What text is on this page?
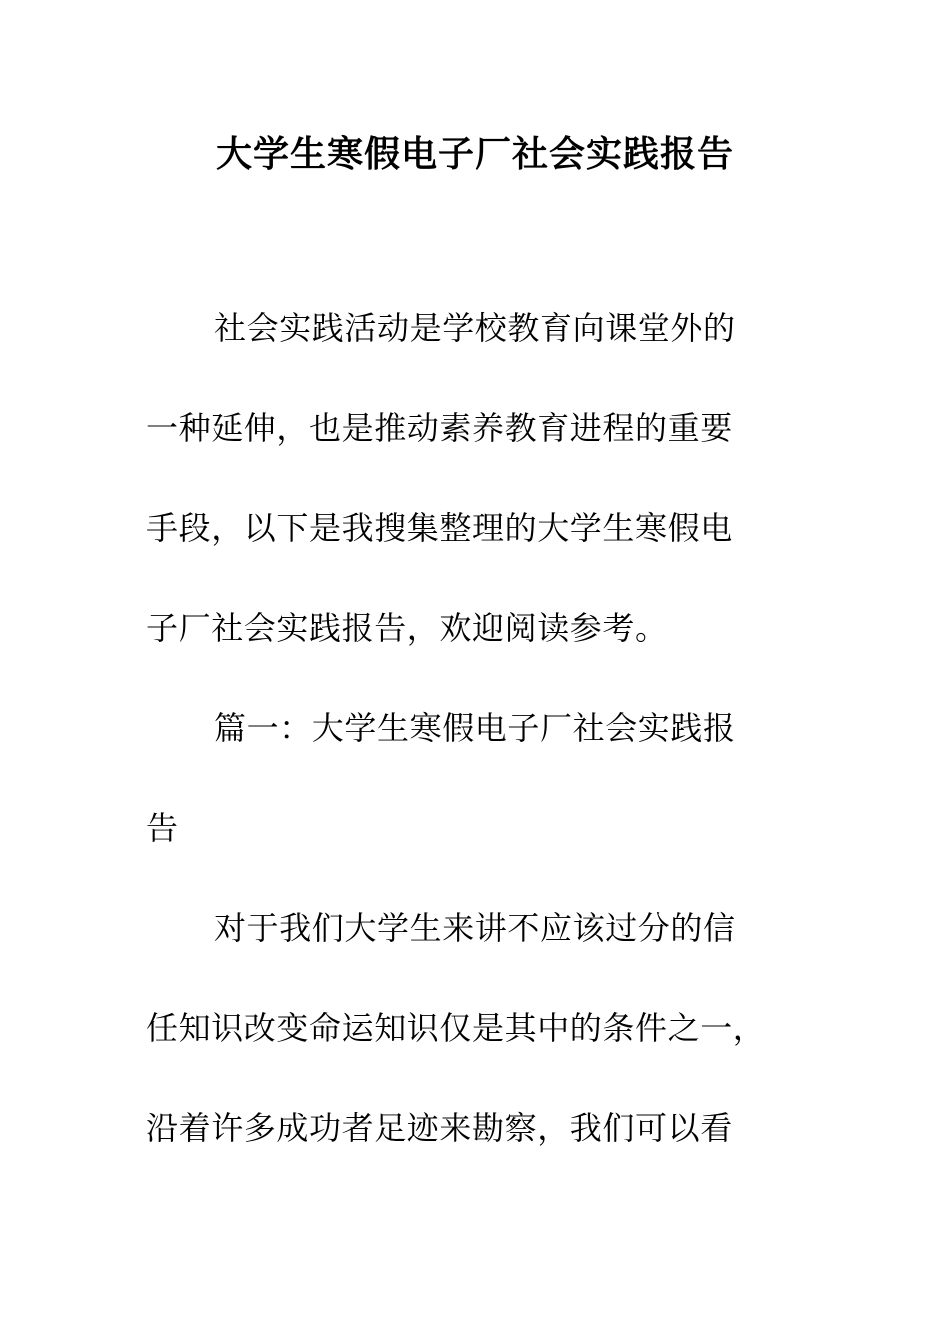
大学生寒假电子厂社会实践报告
社会实践活动是学校教育向课堂外的
一种延伸，也是推动素养教育进程的重要
手段，以下是我搜集整理的大学生寒假电
子厂社会实践报告，欢迎阅读参考。
篇一：大学生寒假电子厂社会实践报
告
对于我们大学生来讲不应该过分的信
任知识改变命运知识仅是其中的条件之一，
沿着许多成功者足迹来勘察，我们可以看
